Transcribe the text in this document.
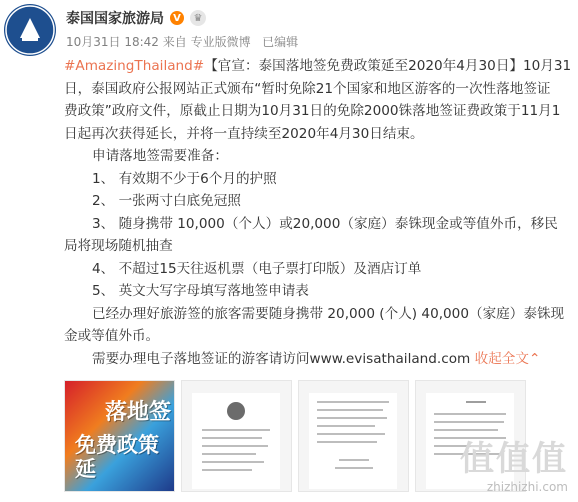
泰国国家旅游局 V	♛
10月31日 18:42 来自 专业版微博 已编辑

#AmazingThailand#【官宣：泰国落地签免费政策延至2020年4月30日】10月31

日，泰国政府公报网站正式颁布“暂时免除21个国家和地区游客的一次性落地签证

费政策”政府文件，原截止日期为10月31日的免除2000铢落地签证费政策于11月1

日起再次获得延长，并将一直持续至2020年4月30日结束。

申请落地签需要准备：

1、 有效期不少于6个月的护照

2、 一张两寸白底免冠照

3、 随身携带 10,000（个人）或20,000（家庭）泰铢现金或等值外币，移民

局将现场随机抽查

4、 不超过15天往返机票（电子票打印版）及酒店订单

5、 英文大写字母填写落地签申请表

已经办理好旅游签的旅客需要随身携带 20,000 (个人) 40,000（家庭）泰铢现

金或等值外币。

需要办理电子落地签证的游客请访问www.evisathailand.com 收起全文⌃

落地签
免费政策延	值值值
zhizhizhi.com
